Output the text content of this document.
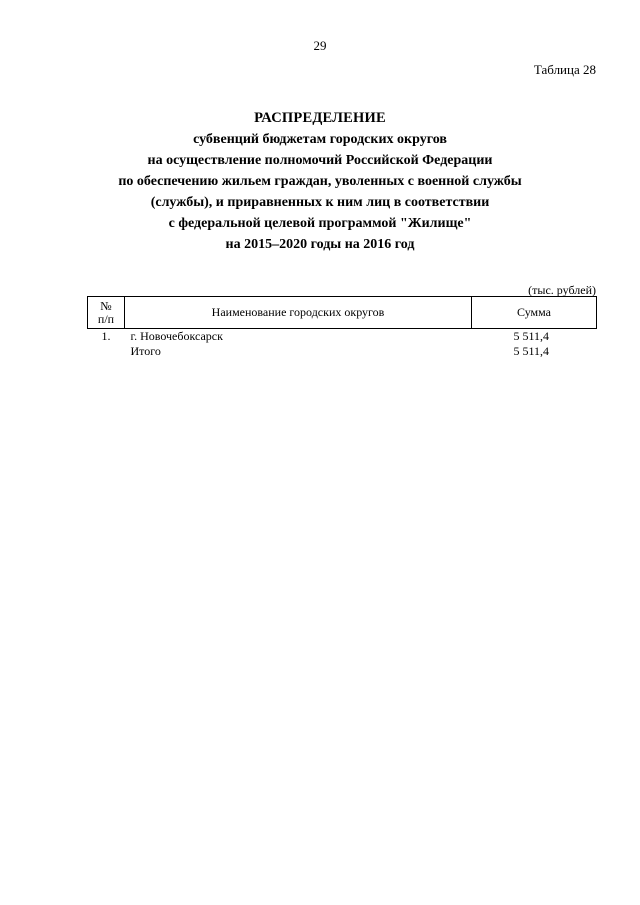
29
Таблица 28
РАСПРЕДЕЛЕНИЕ
субвенций бюджетам городских округов
на осуществление полномочий Российской Федерации
по обеспечению жильем граждан, уволенных с военной службы
(службы), и приравненных к ним лиц в соответствии
с федеральной целевой программой "Жилище"
на 2015–2020 годы на 2016 год
(тыс. рублей)
№
п/п	Наименование городских округов	Сумма
1.	г. Новочебоксарск	5 511,4
	Итого	5 511,4
